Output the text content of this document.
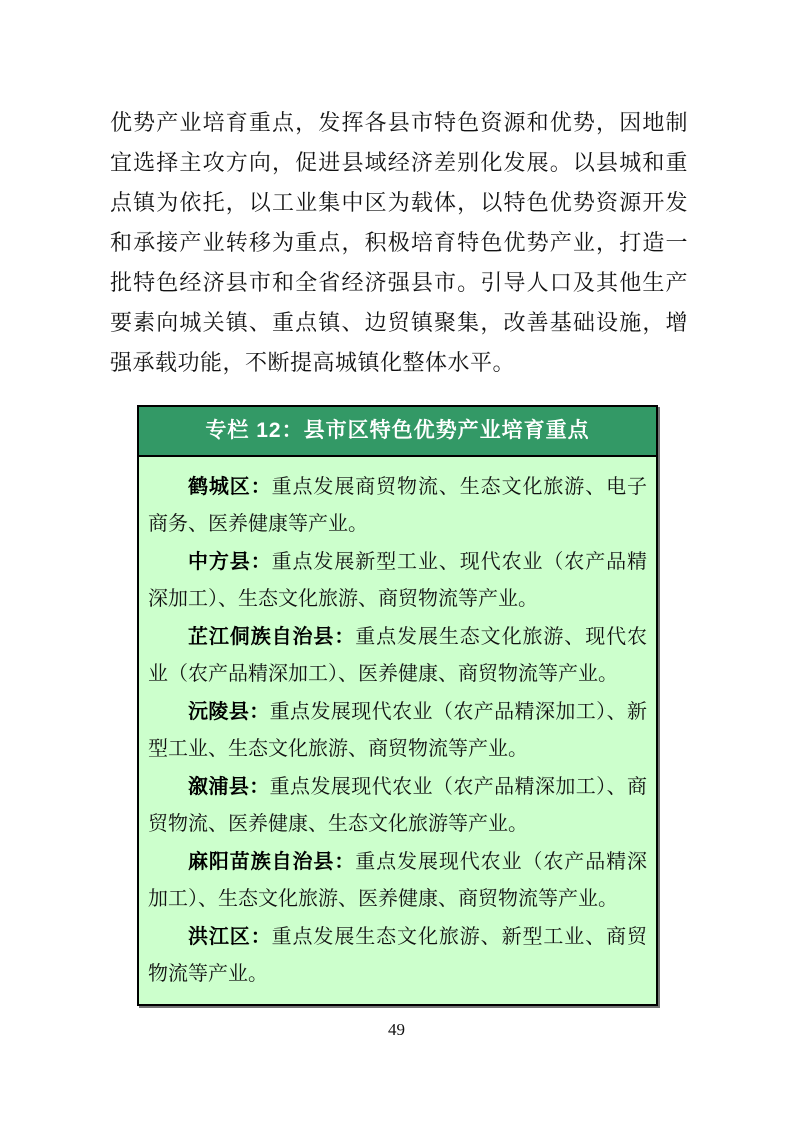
优势产业培育重点，发挥各县市特色资源和优势，因地制宜选择主攻方向，促进县域经济差别化发展。以县城和重点镇为依托，以工业集中区为载体，以特色优势资源开发和承接产业转移为重点，积极培育特色优势产业，打造一批特色经济县市和全省经济强县市。引导人口及其他生产要素向城关镇、重点镇、边贸镇聚集，改善基础设施，增强承载功能，不断提高城镇化整体水平。
专栏 12：县市区特色优势产业培育重点

鹤城区：重点发展商贸物流、生态文化旅游、电子商务、医养健康等产业。

中方县：重点发展新型工业、现代农业（农产品精深加工）、生态文化旅游、商贸物流等产业。

芷江侗族自治县：重点发展生态文化旅游、现代农业（农产品精深加工）、医养健康、商贸物流等产业。

沅陵县：重点发展现代农业（农产品精深加工）、新型工业、生态文化旅游、商贸物流等产业。

溆浦县：重点发展现代农业（农产品精深加工）、商贸物流、医养健康、生态文化旅游等产业。

麻阳苗族自治县：重点发展现代农业（农产品精深加工）、生态文化旅游、医养健康、商贸物流等产业。

洪江区：重点发展生态文化旅游、新型工业、商贸物流等产业。

49
